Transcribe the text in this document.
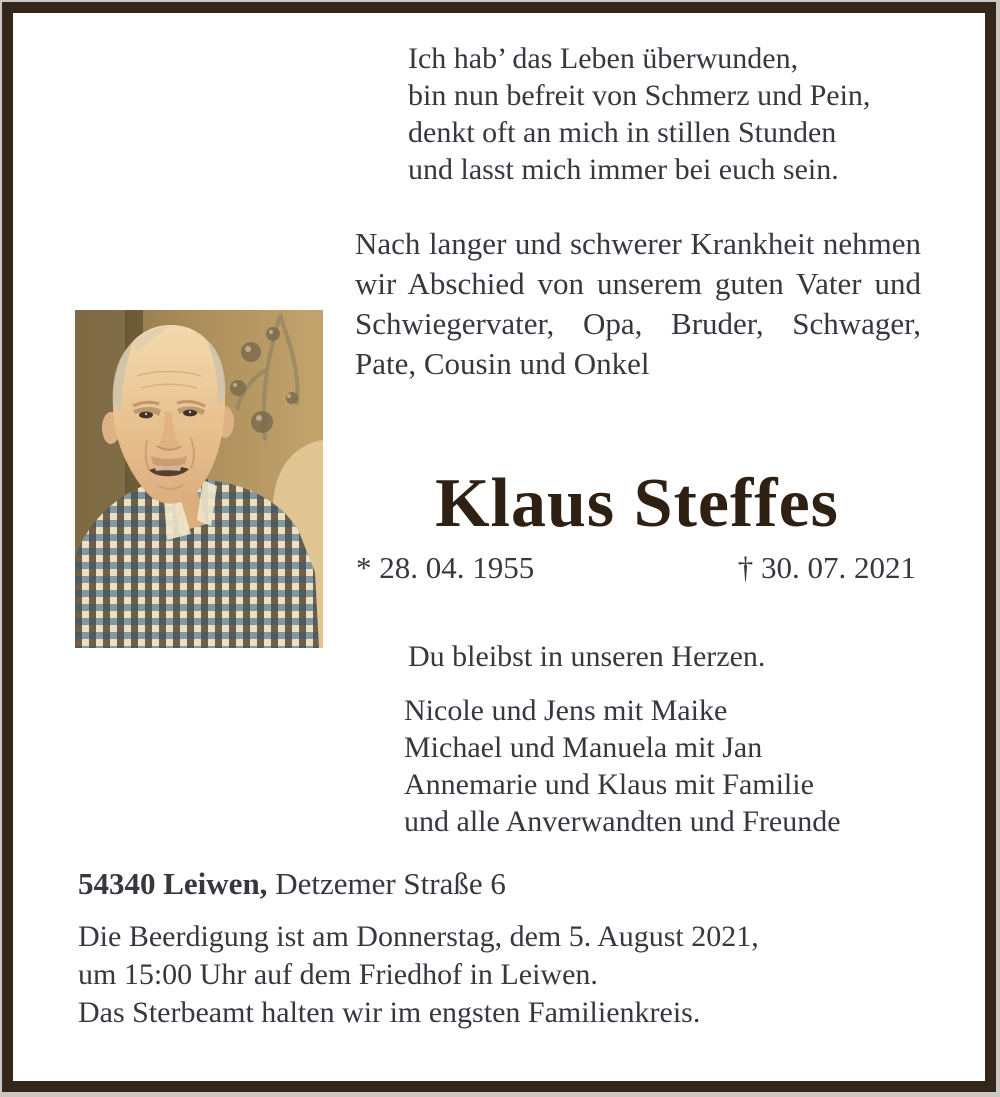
Ich hab’ das Leben überwunden,
bin nun befreit von Schmerz und Pein,
denkt oft an mich in stillen Stunden
und lasst mich immer bei euch sein.
Nach langer und schwerer Krankheit nehmen wir Abschied von unserem guten Vater und Schwiegervater, Opa, Bruder, Schwager, Pate, Cousin und Onkel
Klaus Steffes
* 28. 04. 1955	† 30. 07. 2021
Du bleibst in unseren Herzen.
Nicole und Jens mit Maike
Michael und Manuela mit Jan
Annemarie und Klaus mit Familie
und alle Anverwandten und Freunde
54340 Leiwen, Detzemer Straße 6
Die Beerdigung ist am Donnerstag, dem 5. August 2021,
um 15:00 Uhr auf dem Friedhof in Leiwen.
Das Sterbeamt halten wir im engsten Familienkreis.
